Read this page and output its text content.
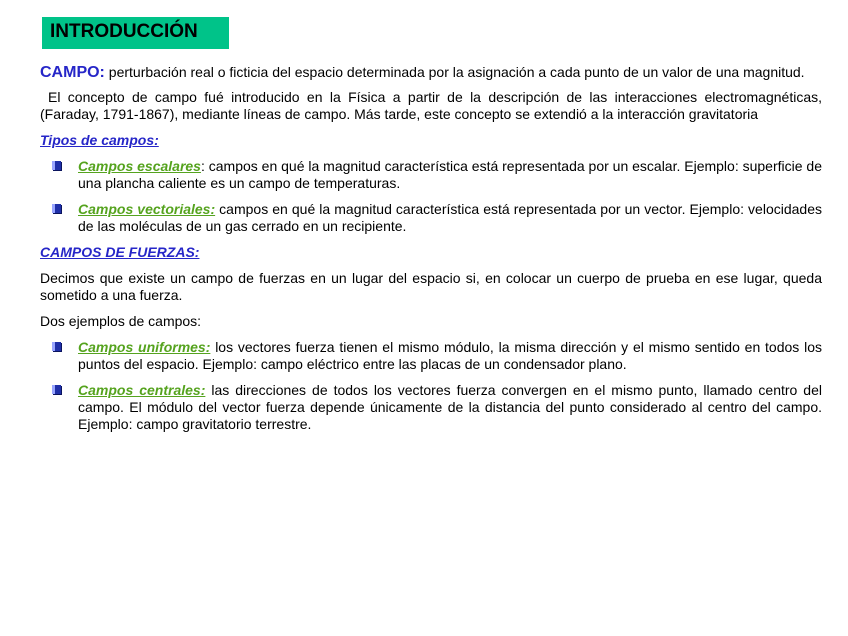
INTRODUCCIÓN

CAMPO: perturbación real o ficticia del espacio determinada por la asignación a cada punto de un valor de una magnitud.

El concepto de campo fué introducido en la Física a partir de la descripción de las interacciones electromagnéticas, (Faraday, 1791-1867), mediante líneas de campo. Más tarde, este concepto se extendió a la interacción gravitatoria

Tipos de campos:

Campos escalares: campos en qué la magnitud característica está representada por un escalar. Ejemplo: superficie de una plancha caliente es un campo de temperaturas.
Campos vectoriales: campos en qué la magnitud característica está representada por un vector. Ejemplo: velocidades de las moléculas de un gas cerrado en un recipiente.

CAMPOS DE FUERZAS:

Decimos que existe un campo de fuerzas en un lugar del espacio si, en colocar un cuerpo de prueba en ese lugar, queda sometido a una fuerza.

Dos ejemplos de campos:

Campos uniformes: los vectores fuerza tienen el mismo módulo, la misma dirección y el mismo sentido en todos los puntos del espacio. Ejemplo: campo eléctrico entre las placas de un condensador plano.
Campos centrales: las direcciones de todos los vectores fuerza convergen en el mismo punto, llamado centro del campo. El módulo del vector fuerza depende únicamente de la distancia del punto considerado al centro del campo. Ejemplo: campo gravitatorio terrestre.
